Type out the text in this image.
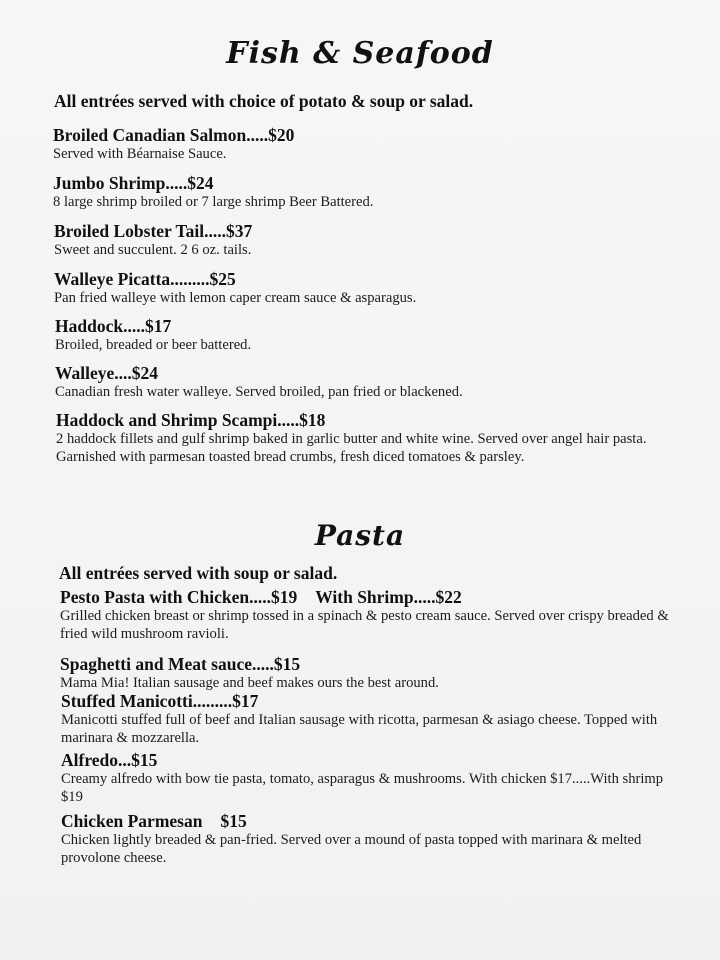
Fish & Seafood
All entrées served with choice of potato & soup or salad.
Broiled Canadian Salmon.....$20
Served with Béarnaise Sauce.
Jumbo Shrimp.....$24
8 large shrimp broiled or 7 large shrimp Beer Battered.
Broiled Lobster Tail.....$37
Sweet and succulent. 2 6 oz. tails.
Walleye Picatta.........$25
Pan fried walleye with lemon caper cream sauce & asparagus.
Haddock.....$17
Broiled, breaded or beer battered.
Walleye....$24
Canadian fresh water walleye. Served broiled, pan fried or blackened.
Haddock and Shrimp Scampi.....$18
2 haddock fillets and gulf shrimp baked in garlic butter and white wine. Served over angel hair pasta. Garnished with parmesan toasted bread crumbs, fresh diced tomatoes & parsley.
Pasta
All entrées served with soup or salad.
Pesto Pasta with Chicken.....$19 With Shrimp.....$22
Grilled chicken breast or shrimp tossed in a spinach & pesto cream sauce. Served over crispy breaded & fried wild mushroom ravioli.
Spaghetti and Meat sauce.....$15
Mama Mia! Italian sausage and beef makes ours the best around.
Stuffed Manicotti.........$17
Manicotti stuffed full of beef and Italian sausage with ricotta, parmesan & asiago cheese. Topped with marinara & mozzarella.
Alfredo...$15
Creamy alfredo with bow tie pasta, tomato, asparagus & mushrooms. With chicken $17.....With shrimp $19
Chicken Parmesan $15
Chicken lightly breaded & pan-fried. Served over a mound of pasta topped with marinara & melted provolone cheese.
